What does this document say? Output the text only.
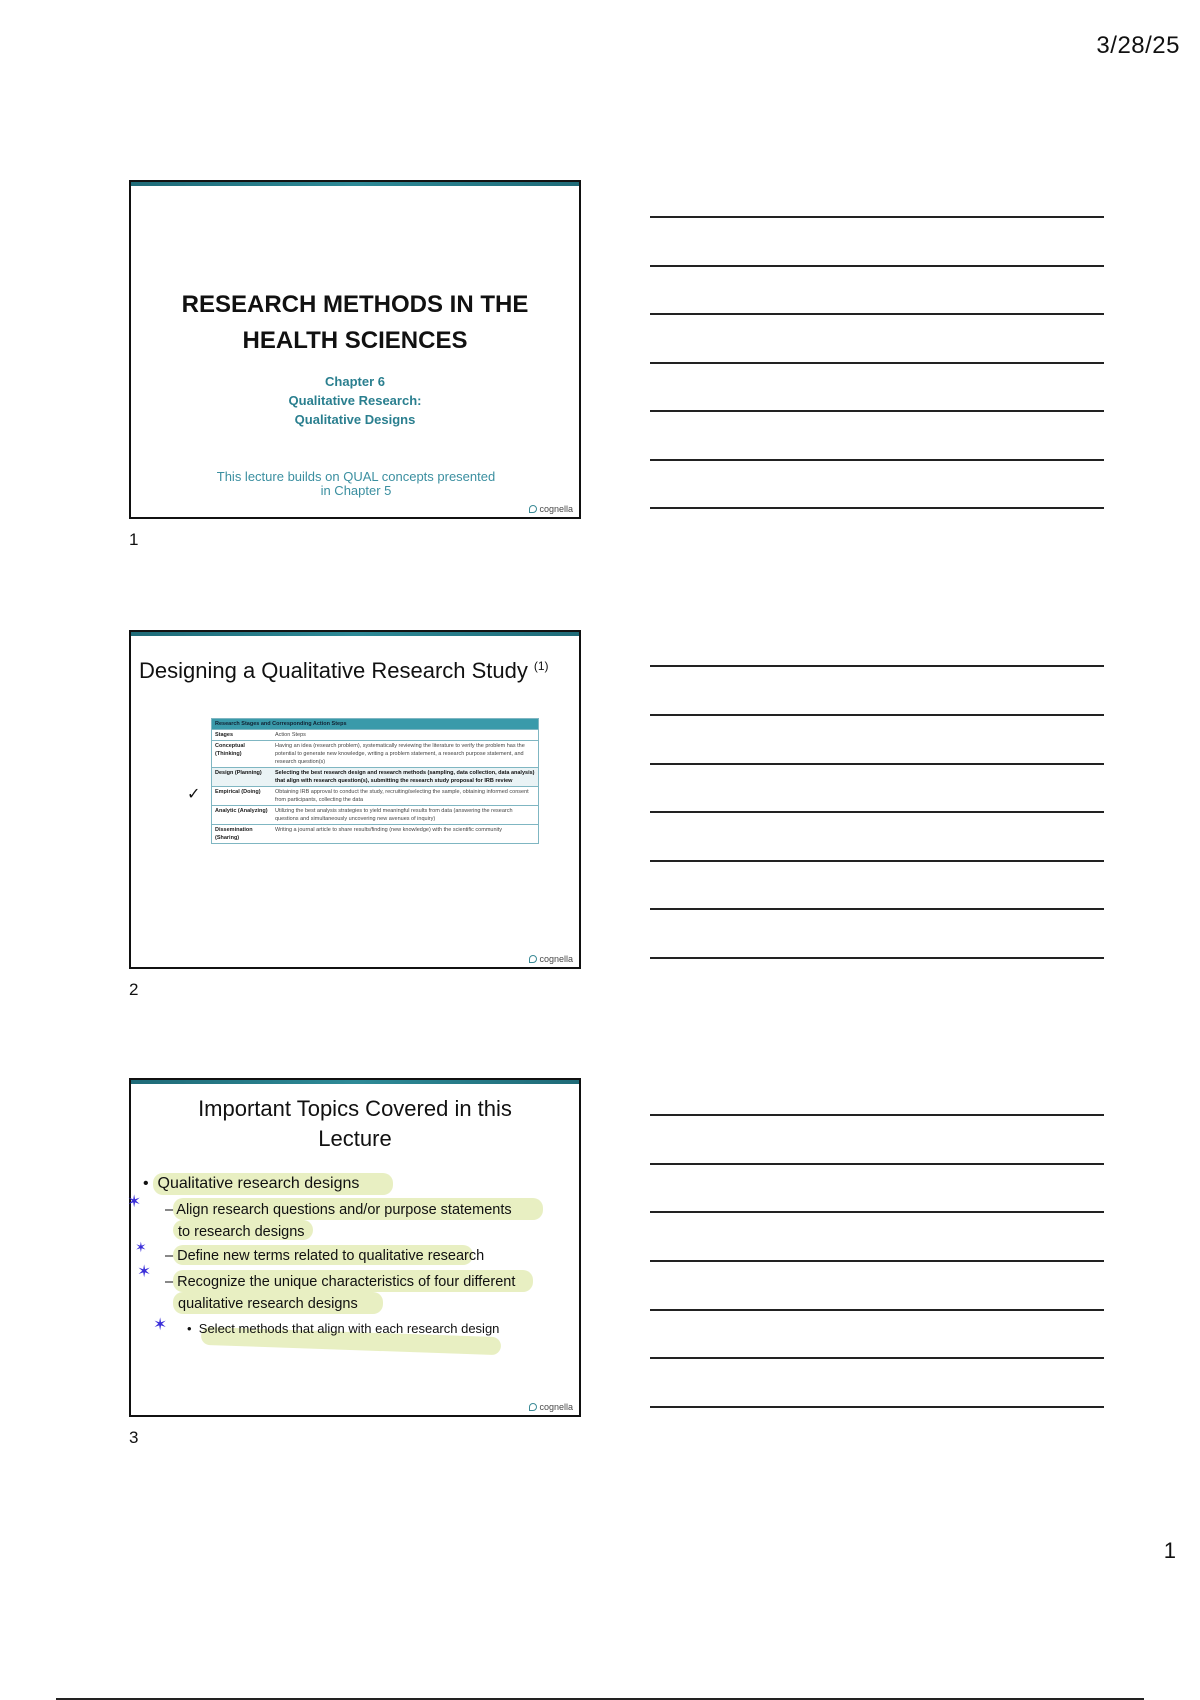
3/28/25
RESEARCH METHODS IN THE
HEALTH SCIENCES
Chapter 6
Qualitative Research:
Qualitative Designs
This lecture builds on QUAL concepts presented
in Chapter 5
cognella
1
Designing a Qualitative Research Study $^{(1)}$
✓
Research Stages and Corresponding Action Steps	
Stages	Action Steps
Conceptual (Thinking)	Having an idea (research problem), systematically reviewing the literature to verify the problem has the potential to generate new knowledge, writing a problem statement, a research purpose statement, and research question(s)
Design (Planning)	Selecting the best research design and research methods (sampling, data collection, data analysis) that align with research question(s), submitting the research study proposal for IRB review
Empirical (Doing)	Obtaining IRB approval to conduct the study, recruiting/selecting the sample, obtaining informed consent from participants, collecting the data
Analytic (Analyzing)	Utilizing the best analysis strategies to yield meaningful results from data (answering the research questions and simultaneously uncovering new avenues of inquiry)
Dissemination (Sharing)	Writing a journal article to share results/finding (new knowledge) with the scientific community
cognella
2
Important Topics Covered in this
Lecture
✶
✶
✶
✶
•  Qualitative research designs
– Align research questions and/or purpose statements
to research designs
– Define new terms related to qualitative research
– Recognize the unique characteristics of four different
qualitative research designs
•  Select methods that align with each research design
cognella
3
1
